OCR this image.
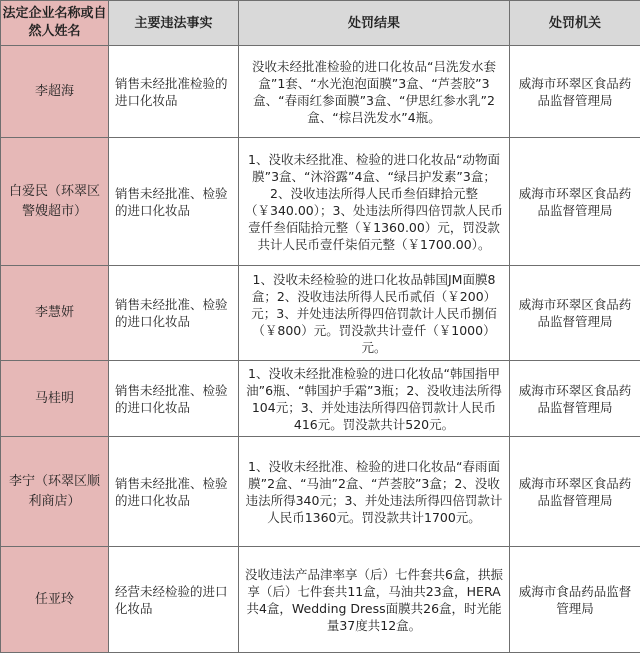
法定企业名称或自然人姓名	主要违法事实	处罚结果	处罚机关
李超海	销售未经批准检验的进口化妆品	没收未经批准检验的进口化妆品“吕洗发水套盒”1套、“水光泡泡面膜”3盒、“芦荟胶”3盒、“春雨红参面膜”3盒、“伊思红参水乳”2盒、“棕吕洗发水”4瓶。	威海市环翠区食品药品监督管理局
白爱民（环翠区警嫂超市）	销售未经批准、检验的进口化妆品	1、没收未经批准、检验的进口化妆品“动物面膜”3盒、“沐浴露”4盒、“绿吕护发素”3盒；2、没收违法所得人民币叁佰肆拾元整（￥340.00）；3、处违法所得四倍罚款人民币壹仟叁佰陆拾元整（￥1360.00）元，罚没款共计人民币壹仟柒佰元整（￥1700.00）。	威海市环翠区食品药品监督管理局
李慧妍	销售未经批准、检验的进口化妆品	1、没收未经检验的进口化妆品韩国JM面膜8盒；2、没收违法所得人民币贰佰（￥200）元；3、并处违法所得四倍罚款计人民币捌佰（￥800）元。罚没款共计壹仟（￥1000）元。	威海市环翠区食品药品监督管理局
马桂明	销售未经批准、检验的进口化妆品	1、没收未经批准检验的进口化妆品“韩国指甲油”6瓶、“韩国护手霜”3瓶；2、没收违法所得104元；3、并处违法所得四倍罚款计人民币416元。罚没款共计520元。	威海市环翠区食品药品监督管理局
李宁（环翠区顺利商店）	销售未经批准、检验的进口化妆品	1、没收未经批准、检验的进口化妆品“春雨面膜”2盒、“马油”2盒、“芦荟胶”3盒；2、没收违法所得340元；3、并处违法所得四倍罚款计人民币1360元。罚没款共计1700元。	威海市环翠区食品药品监督管理局
任亚玲	经营未经检验的进口化妆品	没收违法产品津率享（后）七件套共6盒，拱振享（后）七件套共11盒，马油共23盒，HERA共4盒，Wedding Dress面膜共26盒，时光能量37度共12盒。	威海市食品药品监督管理局
